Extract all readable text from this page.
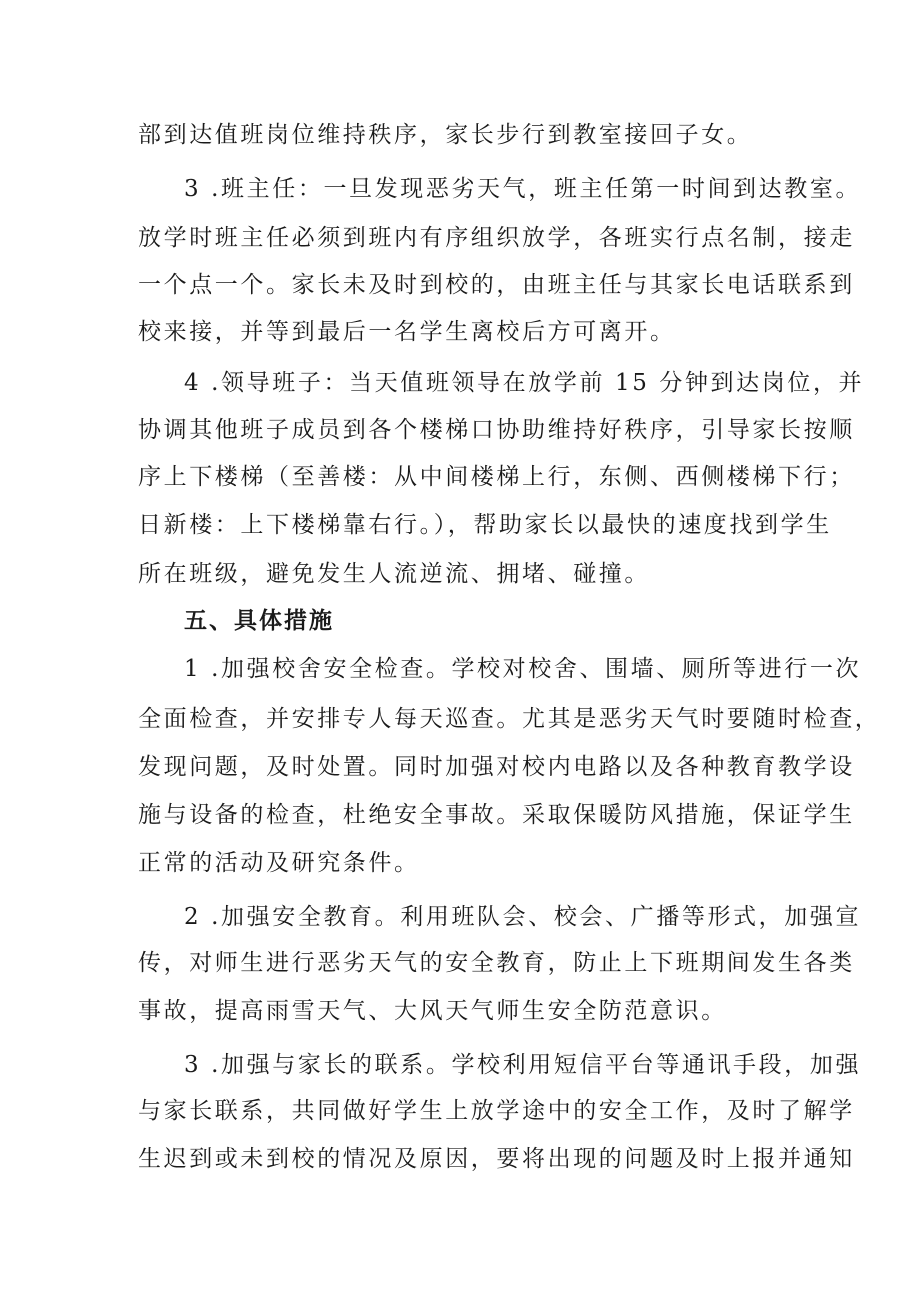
部到达值班岗位维持秩序，家长步行到教室接回子女。
3 .班主任：一旦发现恶劣天气，班主任第一时间到达教室。
放学时班主任必须到班内有序组织放学，各班实行点名制，接走
一个点一个。家长未及时到校的，由班主任与其家长电话联系到
校来接，并等到最后一名学生离校后方可离开。
4 .领导班子：当天值班领导在放学前 15 分钟到达岗位，并
协调其他班子成员到各个楼梯口协助维持好秩序，引导家长按顺
序上下楼梯（至善楼：从中间楼梯上行，东侧、西侧楼梯下行；
日新楼：上下楼梯靠右行。），帮助家长以最快的速度找到学生
所在班级，避免发生人流逆流、拥堵、碰撞。
五、具体措施
1 .加强校舍安全检查。学校对校舍、围墙、厕所等进行一次
全面检查，并安排专人每天巡查。尤其是恶劣天气时要随时检查，
发现问题，及时处置。同时加强对校内电路以及各种教育教学设
施与设备的检查，杜绝安全事故。采取保暖防风措施，保证学生
正常的活动及研究条件。
2 .加强安全教育。利用班队会、校会、广播等形式，加强宣
传，对师生进行恶劣天气的安全教育，防止上下班期间发生各类
事故，提高雨雪天气、大风天气师生安全防范意识。
3 .加强与家长的联系。学校利用短信平台等通讯手段，加强
与家长联系，共同做好学生上放学途中的安全工作，及时了解学
生迟到或未到校的情况及原因，要将出现的问题及时上报并通知
